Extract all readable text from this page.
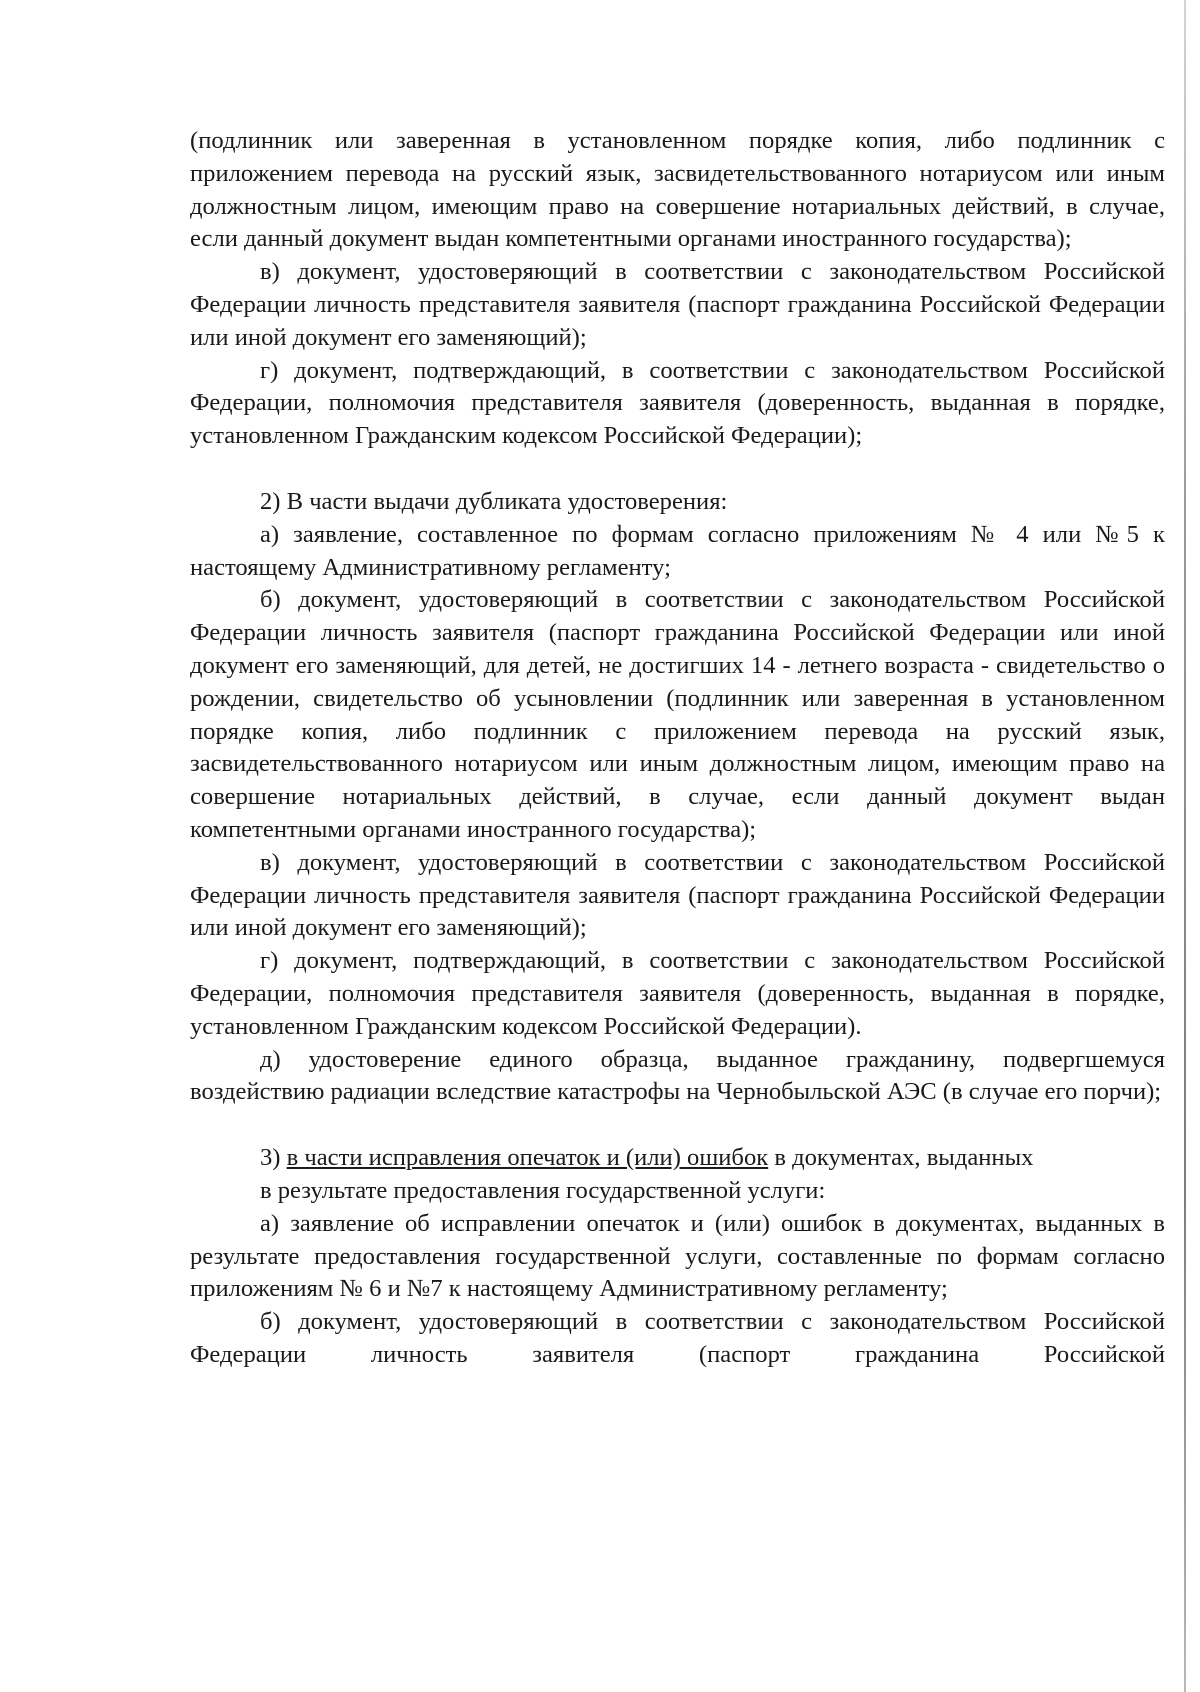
(подлинник или заверенная в установленном порядке копия, либо подлинник с приложением перевода на русский язык, засвидетельствованного нотариусом или иным должностным лицом, имеющим право на совершение нотариальных действий, в случае, если данный документ выдан компетентными органами иностранного государства);

в) документ, удостоверяющий в соответствии с законодательством Российской Федерации личность представителя заявителя (паспорт гражданина Российской Федерации или иной документ его заменяющий);

г) документ, подтверждающий, в соответствии с законодательством Российской Федерации, полномочия представителя заявителя (доверенность, выданная в порядке, установленном Гражданским кодексом Российской Федерации);

2) В части выдачи дубликата удостоверения:

а) заявление, составленное по формам согласно приложениям № 4 или №5 к настоящему Административному регламенту;

б) документ, удостоверяющий в соответствии с законодательством Российской Федерации личность заявителя (паспорт гражданина Российской Федерации или иной документ его заменяющий, для детей, не достигших 14 - летнего возраста - свидетельство о рождении, свидетельство об усыновлении (подлинник или заверенная в установленном порядке копия, либо подлинник с приложением перевода на русский язык, засвидетельствованного нотариусом или иным должностным лицом, имеющим право на совершение нотариальных действий, в случае, если данный документ выдан компетентными органами иностранного государства);

в) документ, удостоверяющий в соответствии с законодательством Российской Федерации личность представителя заявителя (паспорт гражданина Российской Федерации или иной документ его заменяющий);

г) документ, подтверждающий, в соответствии с законодательством Российской Федерации, полномочия представителя заявителя (доверенность, выданная в порядке, установленном Гражданским кодексом Российской Федерации).

д) удостоверение единого образца, выданное гражданину, подвергшемуся воздействию радиации вследствие катастрофы на Чернобыльской АЭС (в случае его порчи);

3) в части исправления опечаток и (или) ошибок в документах, выданных

в результате предоставления государственной услуги:

а) заявление об исправлении опечаток и (или) ошибок в документах, выданных в результате предоставления государственной услуги, составленные по формам согласно приложениям № 6 и №7 к настоящему Административному регламенту;

б) документ, удостоверяющий в соответствии с законодательством Российской Федерации личность заявителя (паспорт гражданина Российской
